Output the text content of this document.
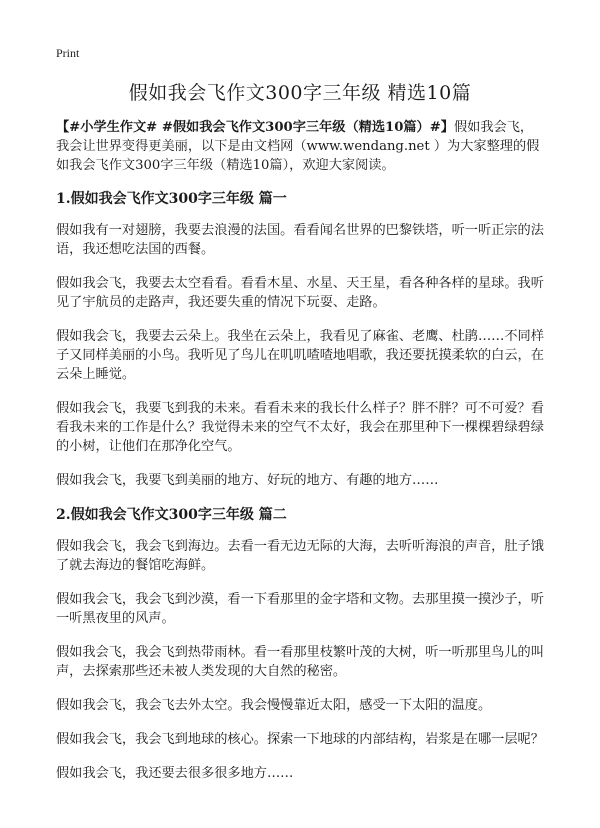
Print
假如我会飞作文300字三年级 精选10篇

【#小学生作文# #假如我会飞作文300字三年级（精选10篇）#】假如我会飞，我会让世界变得更美丽，以下是由文档网（www.wendang.net ）为大家整理的假如我会飞作文300字三年级（精选10篇），欢迎大家阅读。

1.假如我会飞作文300字三年级 篇一

假如我有一对翅膀，我要去浪漫的法国。看看闻名世界的巴黎铁塔，听一听正宗的法语，我还想吃法国的西餐。

假如我会飞，我要去太空看看。看看木星、水星、天王星，看各种各样的星球。我听见了宇航员的走路声，我还要失重的情况下玩耍、走路。

假如我会飞，我要去云朵上。我坐在云朵上，我看见了麻雀、老鹰、杜鹃……不同样子又同样美丽的小鸟。我听见了鸟儿在叽叽喳喳地唱歌，我还要抚摸柔软的白云，在云朵上睡觉。

假如我会飞，我要飞到我的未来。看看未来的我长什么样子？胖不胖？可不可爱？看看我未来的工作是什么？我觉得未来的空气不太好，我会在那里种下一棵棵碧绿碧绿的小树，让他们在那净化空气。

假如我会飞，我要飞到美丽的地方、好玩的地方、有趣的地方……

2.假如我会飞作文300字三年级 篇二

假如我会飞，我会飞到海边。去看一看无边无际的大海，去听听海浪的声音，肚子饿了就去海边的餐馆吃海鲜。

假如我会飞，我会飞到沙漠，看一下看那里的金字塔和文物。去那里摸一摸沙子，听一听黑夜里的风声。

假如我会飞，我会飞到热带雨林。看一看那里枝繁叶茂的大树，听一听那里鸟儿的叫声，去探索那些还未被人类发现的大自然的秘密。

假如我会飞，我会飞去外太空。我会慢慢靠近太阳，感受一下太阳的温度。

假如我会飞，我会飞到地球的核心。探索一下地球的内部结构，岩浆是在哪一层呢？

假如我会飞，我还要去很多很多地方……
